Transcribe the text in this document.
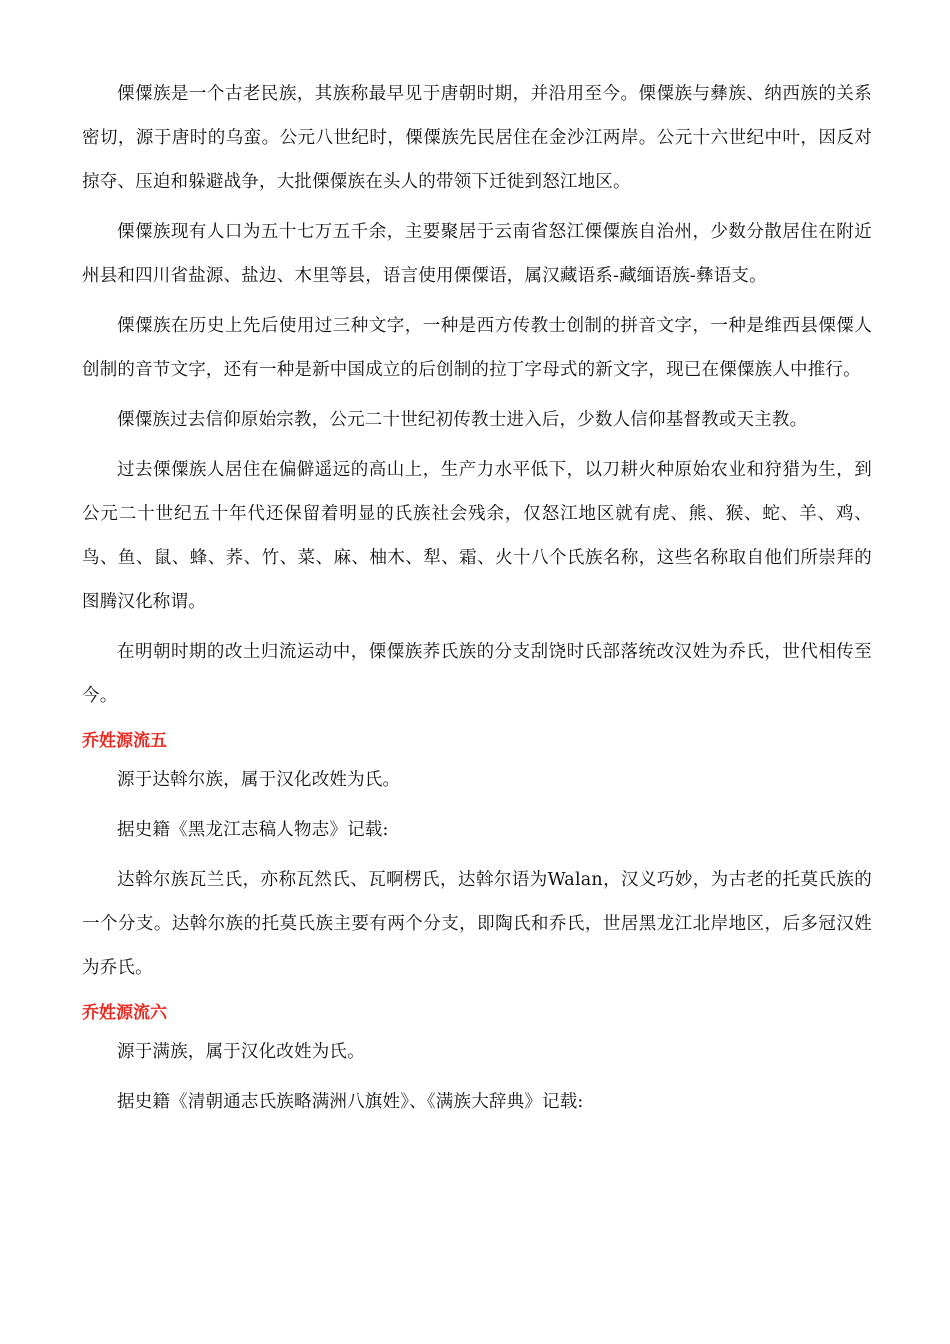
傈僳族是一个古老民族，其族称最早见于唐朝时期，并沿用至今。傈僳族与彝族、纳西族的关系密切，源于唐时的乌蛮。公元八世纪时，傈僳族先民居住在金沙江两岸。公元十六世纪中叶，因反对掠夺、压迫和躲避战争，大批傈僳族在头人的带领下迁徙到怒江地区。

傈僳族现有人口为五十七万五千余，主要聚居于云南省怒江傈僳族自治州，少数分散居住在附近州县和四川省盐源、盐边、木里等县，语言使用傈僳语，属汉藏语系-藏缅语族-彝语支。

傈僳族在历史上先后使用过三种文字，一种是西方传教士创制的拼音文字，一种是维西县傈僳人创制的音节文字，还有一种是新中国成立的后创制的拉丁字母式的新文字，现已在傈僳族人中推行。

傈僳族过去信仰原始宗教，公元二十世纪初传教士进入后，少数人信仰基督教或天主教。

过去傈僳族人居住在偏僻遥远的高山上，生产力水平低下，以刀耕火种原始农业和狩猎为生，到公元二十世纪五十年代还保留着明显的氏族社会残余，仅怒江地区就有虎、熊、猴、蛇、羊、鸡、鸟、鱼、鼠、蜂、荞、竹、菜、麻、柚木、犁、霜、火十八个氏族名称，这些名称取自他们所崇拜的图腾汉化称谓。

在明朝时期的改土归流运动中，傈僳族荞氏族的分支刮饶时氏部落统改汉姓为乔氏，世代相传至今。

乔姓源流五

源于达斡尔族，属于汉化改姓为氏。

据史籍《黑龙江志稿人物志》记载:

达斡尔族瓦兰氏，亦称瓦然氏、瓦啊楞氏，达斡尔语为Walan，汉义巧妙，为古老的托莫氏族的一个分支。达斡尔族的托莫氏族主要有两个分支，即陶氏和乔氏，世居黑龙江北岸地区，后多冠汉姓为乔氏。

乔姓源流六

源于满族，属于汉化改姓为氏。

据史籍《清朝通志氏族略满洲八旗姓》、《满族大辞典》记载:
